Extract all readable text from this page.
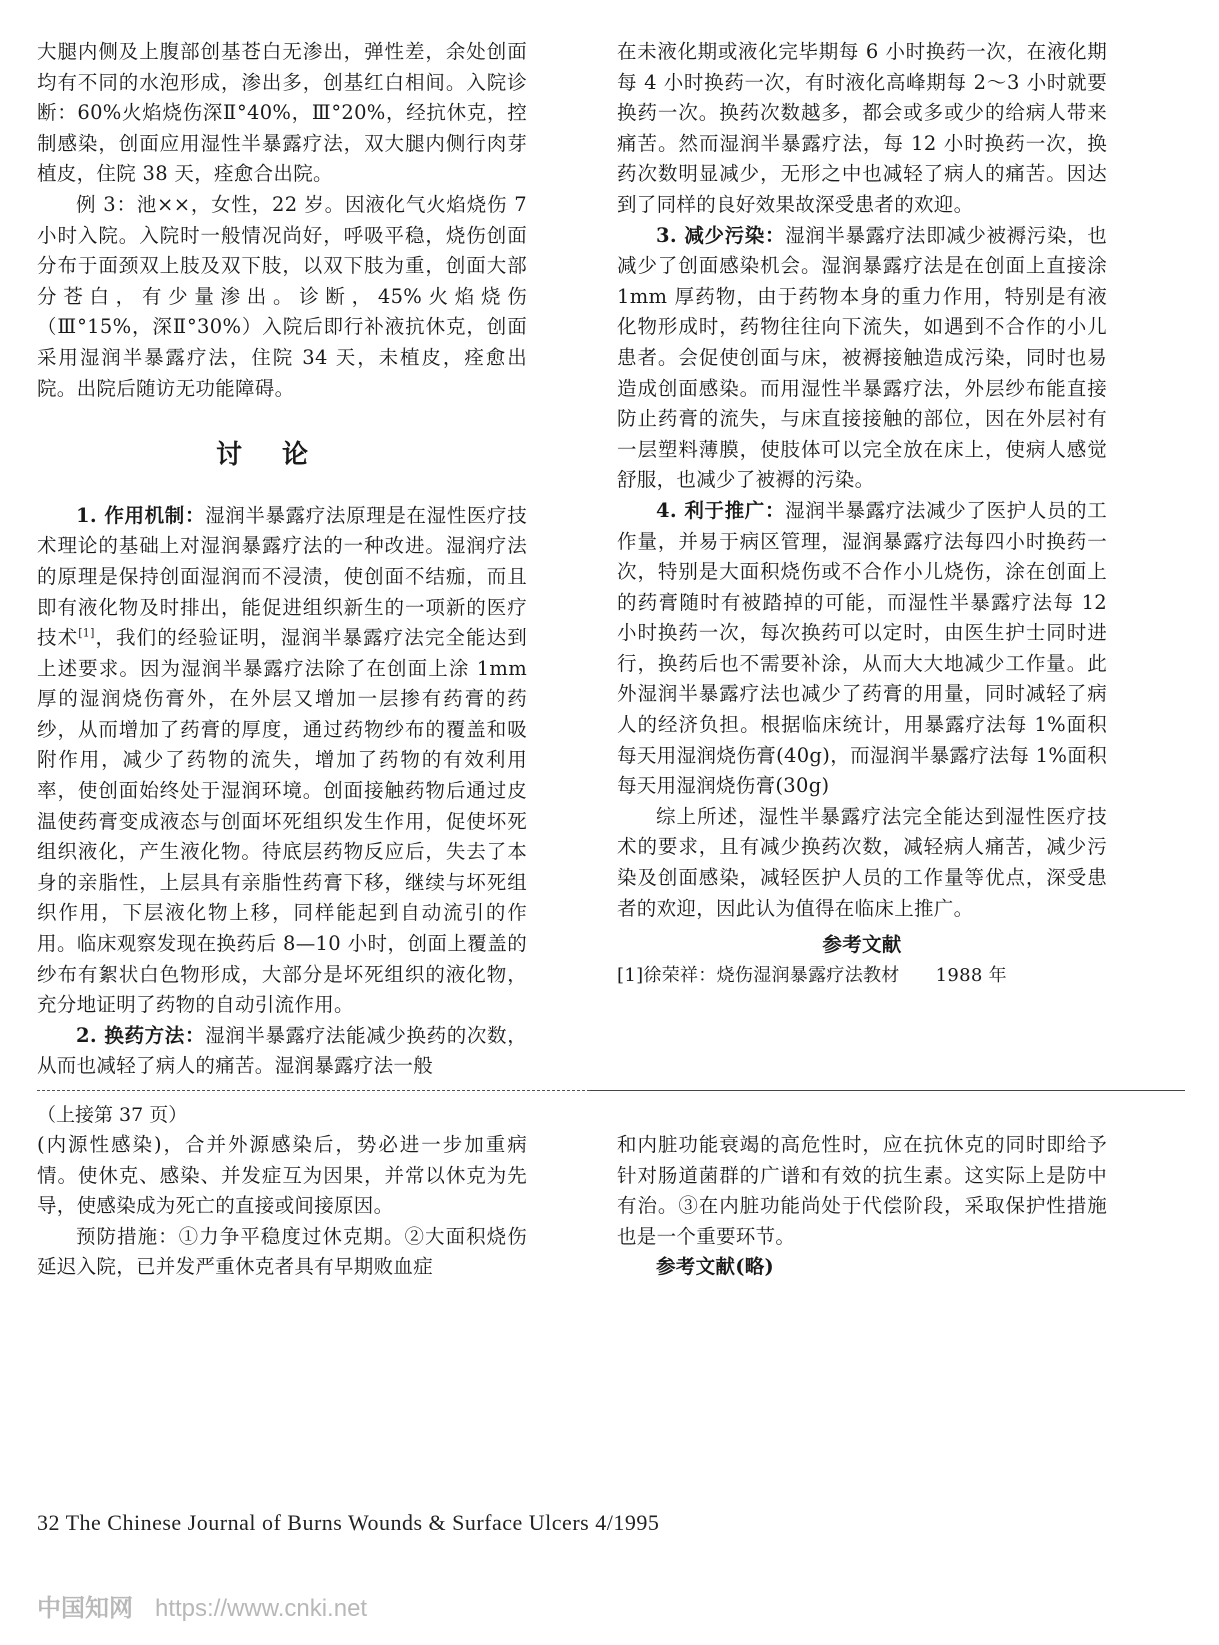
大腿内侧及上腹部创基苍白无渗出，弹性差，余处创面均有不同的水泡形成，渗出多，创基红白相间。入院诊断：60%火焰烧伤深Ⅱ°40%，Ⅲ°20%，经抗休克，控制感染，创面应用湿性半暴露疗法，双大腿内侧行肉芽植皮，住院 38 天，痊愈合出院。

例 3：池××，女性，22 岁。因液化气火焰烧伤 7 小时入院。入院时一般情况尚好，呼吸平稳，烧伤创面分布于面颈双上肢及双下肢，以双下肢为重，创面大部分苍白，有少量渗出。诊断，45%火焰烧伤（Ⅲ°15%，深Ⅱ°30%）入院后即行补液抗休克，创面采用湿润半暴露疗法，住院 34 天，未植皮，痊愈出院。出院后随访无功能障碍。

讨论

1. 作用机制：湿润半暴露疗法原理是在湿性医疗技术理论的基础上对湿润暴露疗法的一种改进。湿润疗法的原理是保持创面湿润而不浸渍，使创面不结痂，而且即有液化物及时排出，能促进组织新生的一项新的医疗技术[1]，我们的经验证明，湿润半暴露疗法完全能达到上述要求。因为湿润半暴露疗法除了在创面上涂 1mm 厚的湿润烧伤膏外，在外层又增加一层掺有药膏的药纱，从而增加了药膏的厚度，通过药物纱布的覆盖和吸附作用，减少了药物的流失，增加了药物的有效利用率，使创面始终处于湿润环境。创面接触药物后通过皮温使药膏变成液态与创面坏死组织发生作用，促使坏死组织液化，产生液化物。待底层药物反应后，失去了本身的亲脂性，上层具有亲脂性药膏下移，继续与坏死组织作用，下层液化物上移，同样能起到自动流引的作用。临床观察发现在换药后 8—10 小时，创面上覆盖的纱布有絮状白色物形成，大部分是坏死组织的液化物，充分地证明了药物的自动引流作用。

2. 换药方法：湿润半暴露疗法能减少换药的次数，从而也减轻了病人的痛苦。湿润暴露疗法一般

在未液化期或液化完毕期每 6 小时换药一次，在液化期每 4 小时换药一次，有时液化高峰期每 2～3 小时就要换药一次。换药次数越多，都会或多或少的给病人带来痛苦。然而湿润半暴露疗法，每 12 小时换药一次，换药次数明显减少，无形之中也减轻了病人的痛苦。因达到了同样的良好效果故深受患者的欢迎。

3. 减少污染：湿润半暴露疗法即减少被褥污染，也减少了创面感染机会。湿润暴露疗法是在创面上直接涂 1mm 厚药物，由于药物本身的重力作用，特别是有液化物形成时，药物往往向下流失，如遇到不合作的小儿患者。会促使创面与床，被褥接触造成污染，同时也易造成创面感染。而用湿性半暴露疗法，外层纱布能直接防止药膏的流失，与床直接接触的部位，因在外层衬有一层塑料薄膜，使肢体可以完全放在床上，使病人感觉舒服，也减少了被褥的污染。

4. 利于推广：湿润半暴露疗法减少了医护人员的工作量，并易于病区管理，湿润暴露疗法每四小时换药一次，特别是大面积烧伤或不合作小儿烧伤，涂在创面上的药膏随时有被踏掉的可能，而湿性半暴露疗法每 12 小时换药一次，每次换药可以定时，由医生护士同时进行，换药后也不需要补涂，从而大大地减少工作量。此外湿润半暴露疗法也减少了药膏的用量，同时减轻了病人的经济负担。根据临床统计，用暴露疗法每 1%面积每天用湿润烧伤膏(40g)，而湿润半暴露疗法每 1%面积每天用湿润烧伤膏(30g)

综上所述，湿性半暴露疗法完全能达到湿性医疗技术的要求，且有减少换药次数，减轻病人痛苦，减少污染及创面感染，减轻医护人员的工作量等优点，深受患者的欢迎，因此认为值得在临床上推广。

参考文献
[1]徐荣祥：烧伤湿润暴露疗法教材 1988 年
（上接第 37 页）

(内源性感染)，合并外源感染后，势必进一步加重病情。使休克、感染、并发症互为因果，并常以休克为先导，使感染成为死亡的直接或间接原因。

预防措施：①力争平稳度过休克期。②大面积烧伤延迟入院，已并发严重休克者具有早期败血症

和内脏功能衰竭的高危性时，应在抗休克的同时即给予针对肠道菌群的广谱和有效的抗生素。这实际上是防中有治。③在内脏功能尚处于代偿阶段，采取保护性措施也是一个重要环节。

参考文献(略)

32 The Chinese Journal of Burns Wounds & Surface Ulcers 4/1995
中国知网 https://www.cnki.net
